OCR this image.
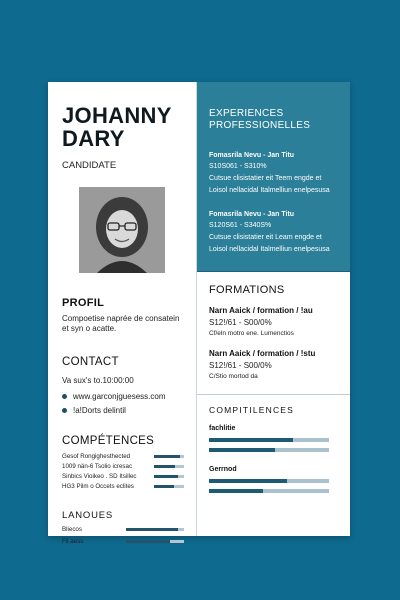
JOHANNY
DARY
CANDIDATE
PROFIL
Compoetise naprée de consatein et syn o acatte.
CONTACT
Va sux's to.10:00:00
www.garconjguesess.com
!a!Dorts delintil
COMPÉTENCES
Gesof Rongighesthected
1009 nän-6 Tsolio icresac
Sinbics Vioikeo . SD Itsillec
HG3 Pilm o Occets eclites
LANOUES
Bliecos
Fil aess
EXPERIENCES
PROFESSIONELLES
Fomasrila Nevu - Jan Titu
S10S061 - S310%
Cutsue clisistatier eit Teem engde et
Loisol nellacidal Italmelliun enelpesusa
Fomasrila Nevu - Jan Titu
S120S61 - S340S%
Cutsue clisistatier eit Leam engde et
Loisol nellacidal Italmelliun enelpesusa
FORMATIONS
Narn Aaick / formation / !au
S12!/61 - S00/0%
Cf/eln motro ene. Lumenctios
Narn Aaick / formation / !stu
S12!/61 - S00/0%
C/Stio mortod da
COMPITILENCES
fachlitie
Gerrnod
